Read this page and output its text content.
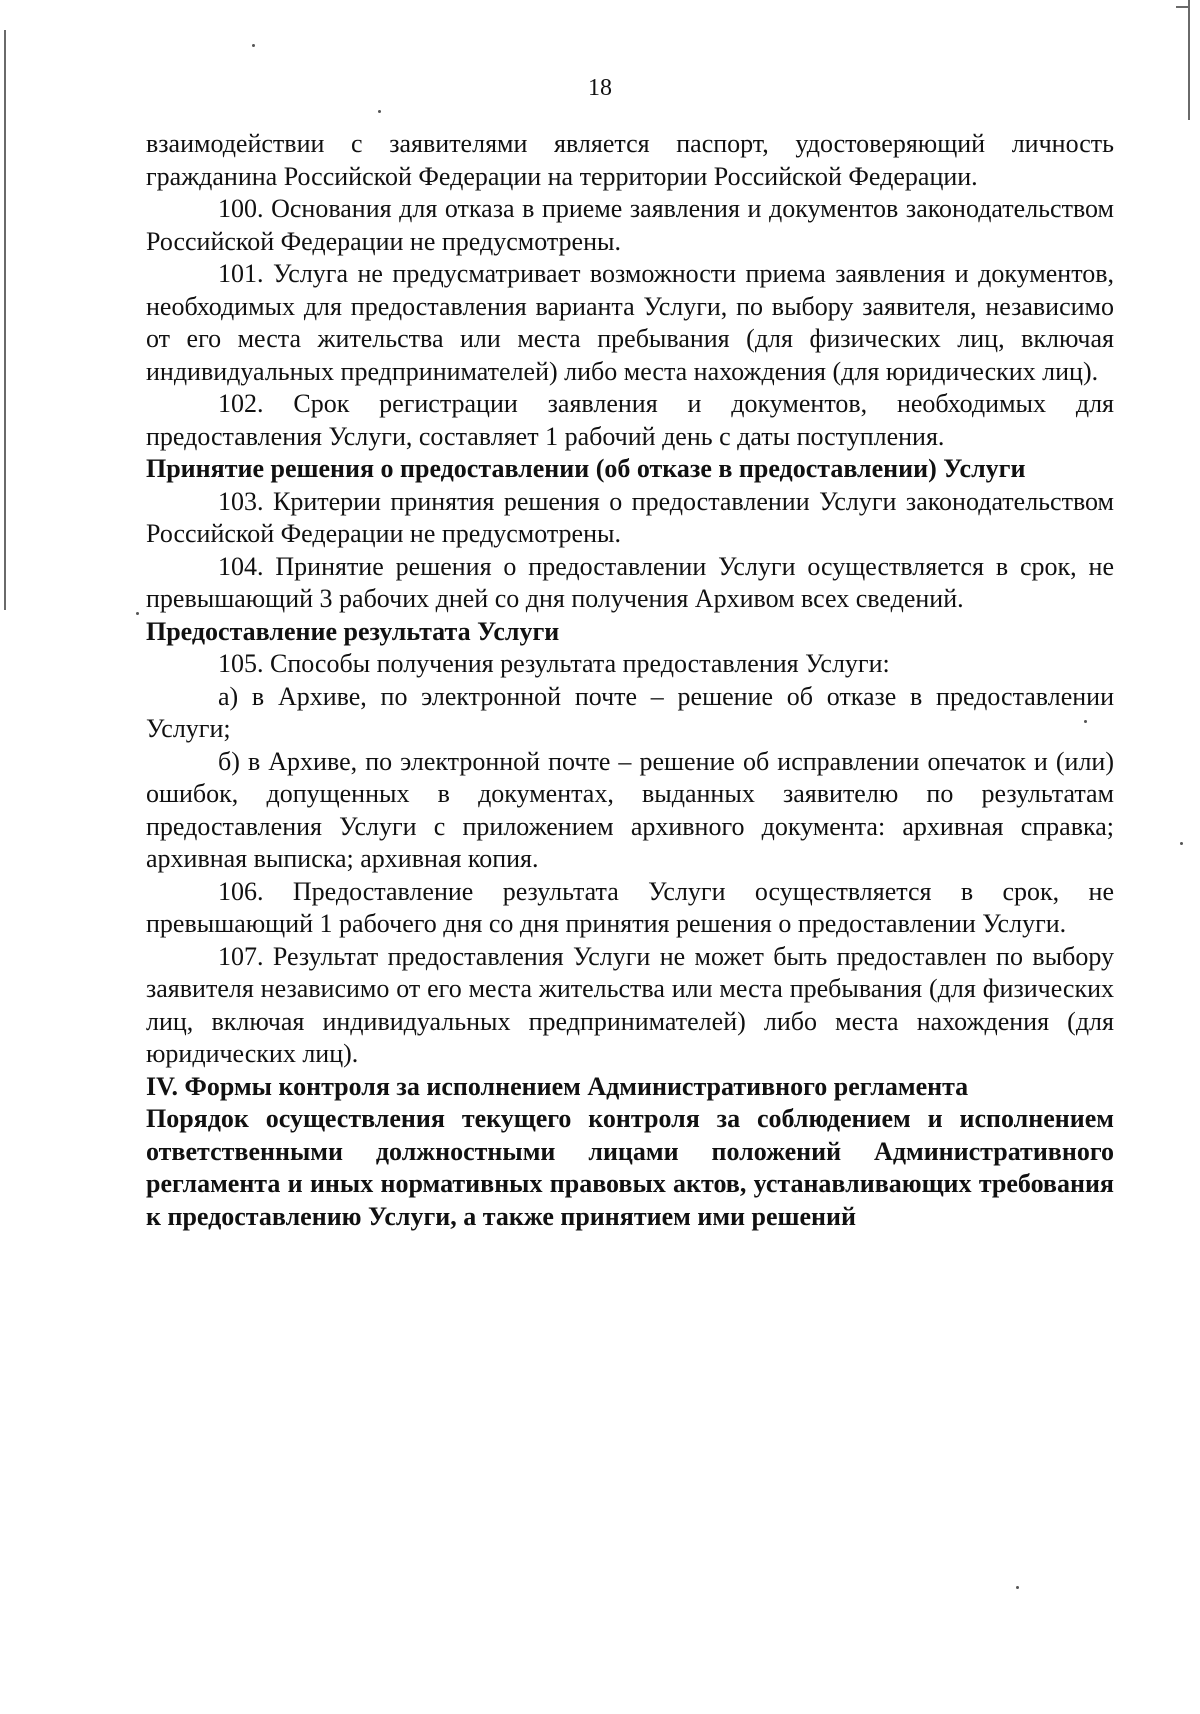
18

взаимодействии с заявителями является паспорт, удостоверяющий личность гражданина Российской Федерации на территории Российской Федерации.

100. Основания для отказа в приеме заявления и документов законодательством Российской Федерации не предусмотрены.

101. Услуга не предусматривает возможности приема заявления и документов, необходимых для предоставления варианта Услуги, по выбору заявителя, независимо от его места жительства или места пребывания (для физических лиц, включая индивидуальных предпринимателей) либо места нахождения (для юридических лиц).

102. Срок регистрации заявления и документов, необходимых для предоставления Услуги, составляет 1 рабочий день с даты поступления.

Принятие решения о предоставлении (об отказе в предоставлении) Услуги

103. Критерии принятия решения о предоставлении Услуги законодательством Российской Федерации не предусмотрены.

104. Принятие решения о предоставлении Услуги осуществляется в срок, не превышающий 3 рабочих дней со дня получения Архивом всех сведений.

Предоставление результата Услуги

105. Способы получения результата предоставления Услуги:

а) в Архиве, по электронной почте – решение об отказе в предоставлении Услуги;

б) в Архиве, по электронной почте – решение об исправлении опечаток и (или) ошибок, допущенных в документах, выданных заявителю по результатам предоставления Услуги с приложением архивного документа: архивная справка; архивная выписка; архивная копия.

106. Предоставление результата Услуги осуществляется в срок, не превышающий 1 рабочего дня со дня принятия решения о предоставлении Услуги.

107. Результат предоставления Услуги не может быть предоставлен по выбору заявителя независимо от его места жительства или места пребывания (для физических лиц, включая индивидуальных предпринимателей) либо места нахождения (для юридических лиц).

IV. Формы контроля за исполнением Административного регламента

Порядок осуществления текущего контроля за соблюдением и исполнением ответственными должностными лицами положений Административного регламента и иных нормативных правовых актов, устанавливающих требования к предоставлению Услуги, а также принятием ими решений
